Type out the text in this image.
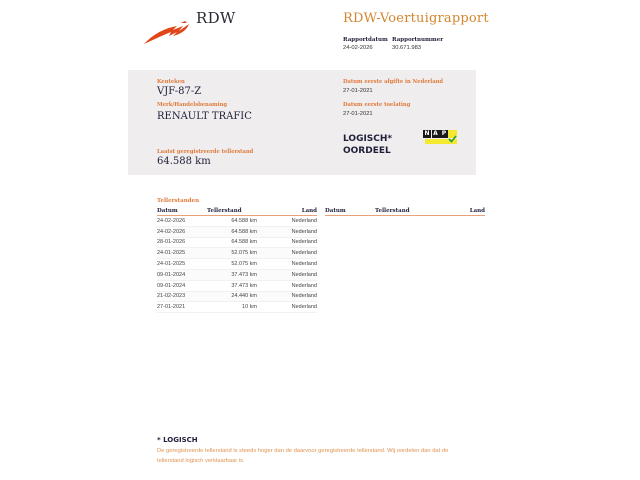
RDW	RDW-Voertuigrapport
Rapportdatum
24-02-2026
Rapportnummer
30.671.983
Kenteken
VJF-87-Z
Merk/Handelsbenaming
RENAULT TRAFIC
Laatst geregistreerde tellerstand
64.588 km
Datum eerste afgifte in Nederland
27-01-2021
Datum eerste toelating
27-01-2021
LOGISCH*
OORDEEL
N A P
Tellerstanden
Datum	Tellerstand	Land
24-02-2026	64.588 km	Nederland
24-02-2026	64.588 km	Nederland
28-01-2026	64.588 km	Nederland
24-01-2025	52.075 km	Nederland
24-01-2025	52.075 km	Nederland
09-01-2024	37.473 km	Nederland
09-01-2024	37.473 km	Nederland
21-02-2023	24.440 km	Nederland
27-01-2021	10 km	Nederland
Datum	Tellerstand	Land
* LOGISCH
De geregistreerde tellerstand is steeds hoger dan de daarvoor geregistreerde tellerstand. Wij oordelen dan dat de tellerstand logisch verklaarbaar is.
